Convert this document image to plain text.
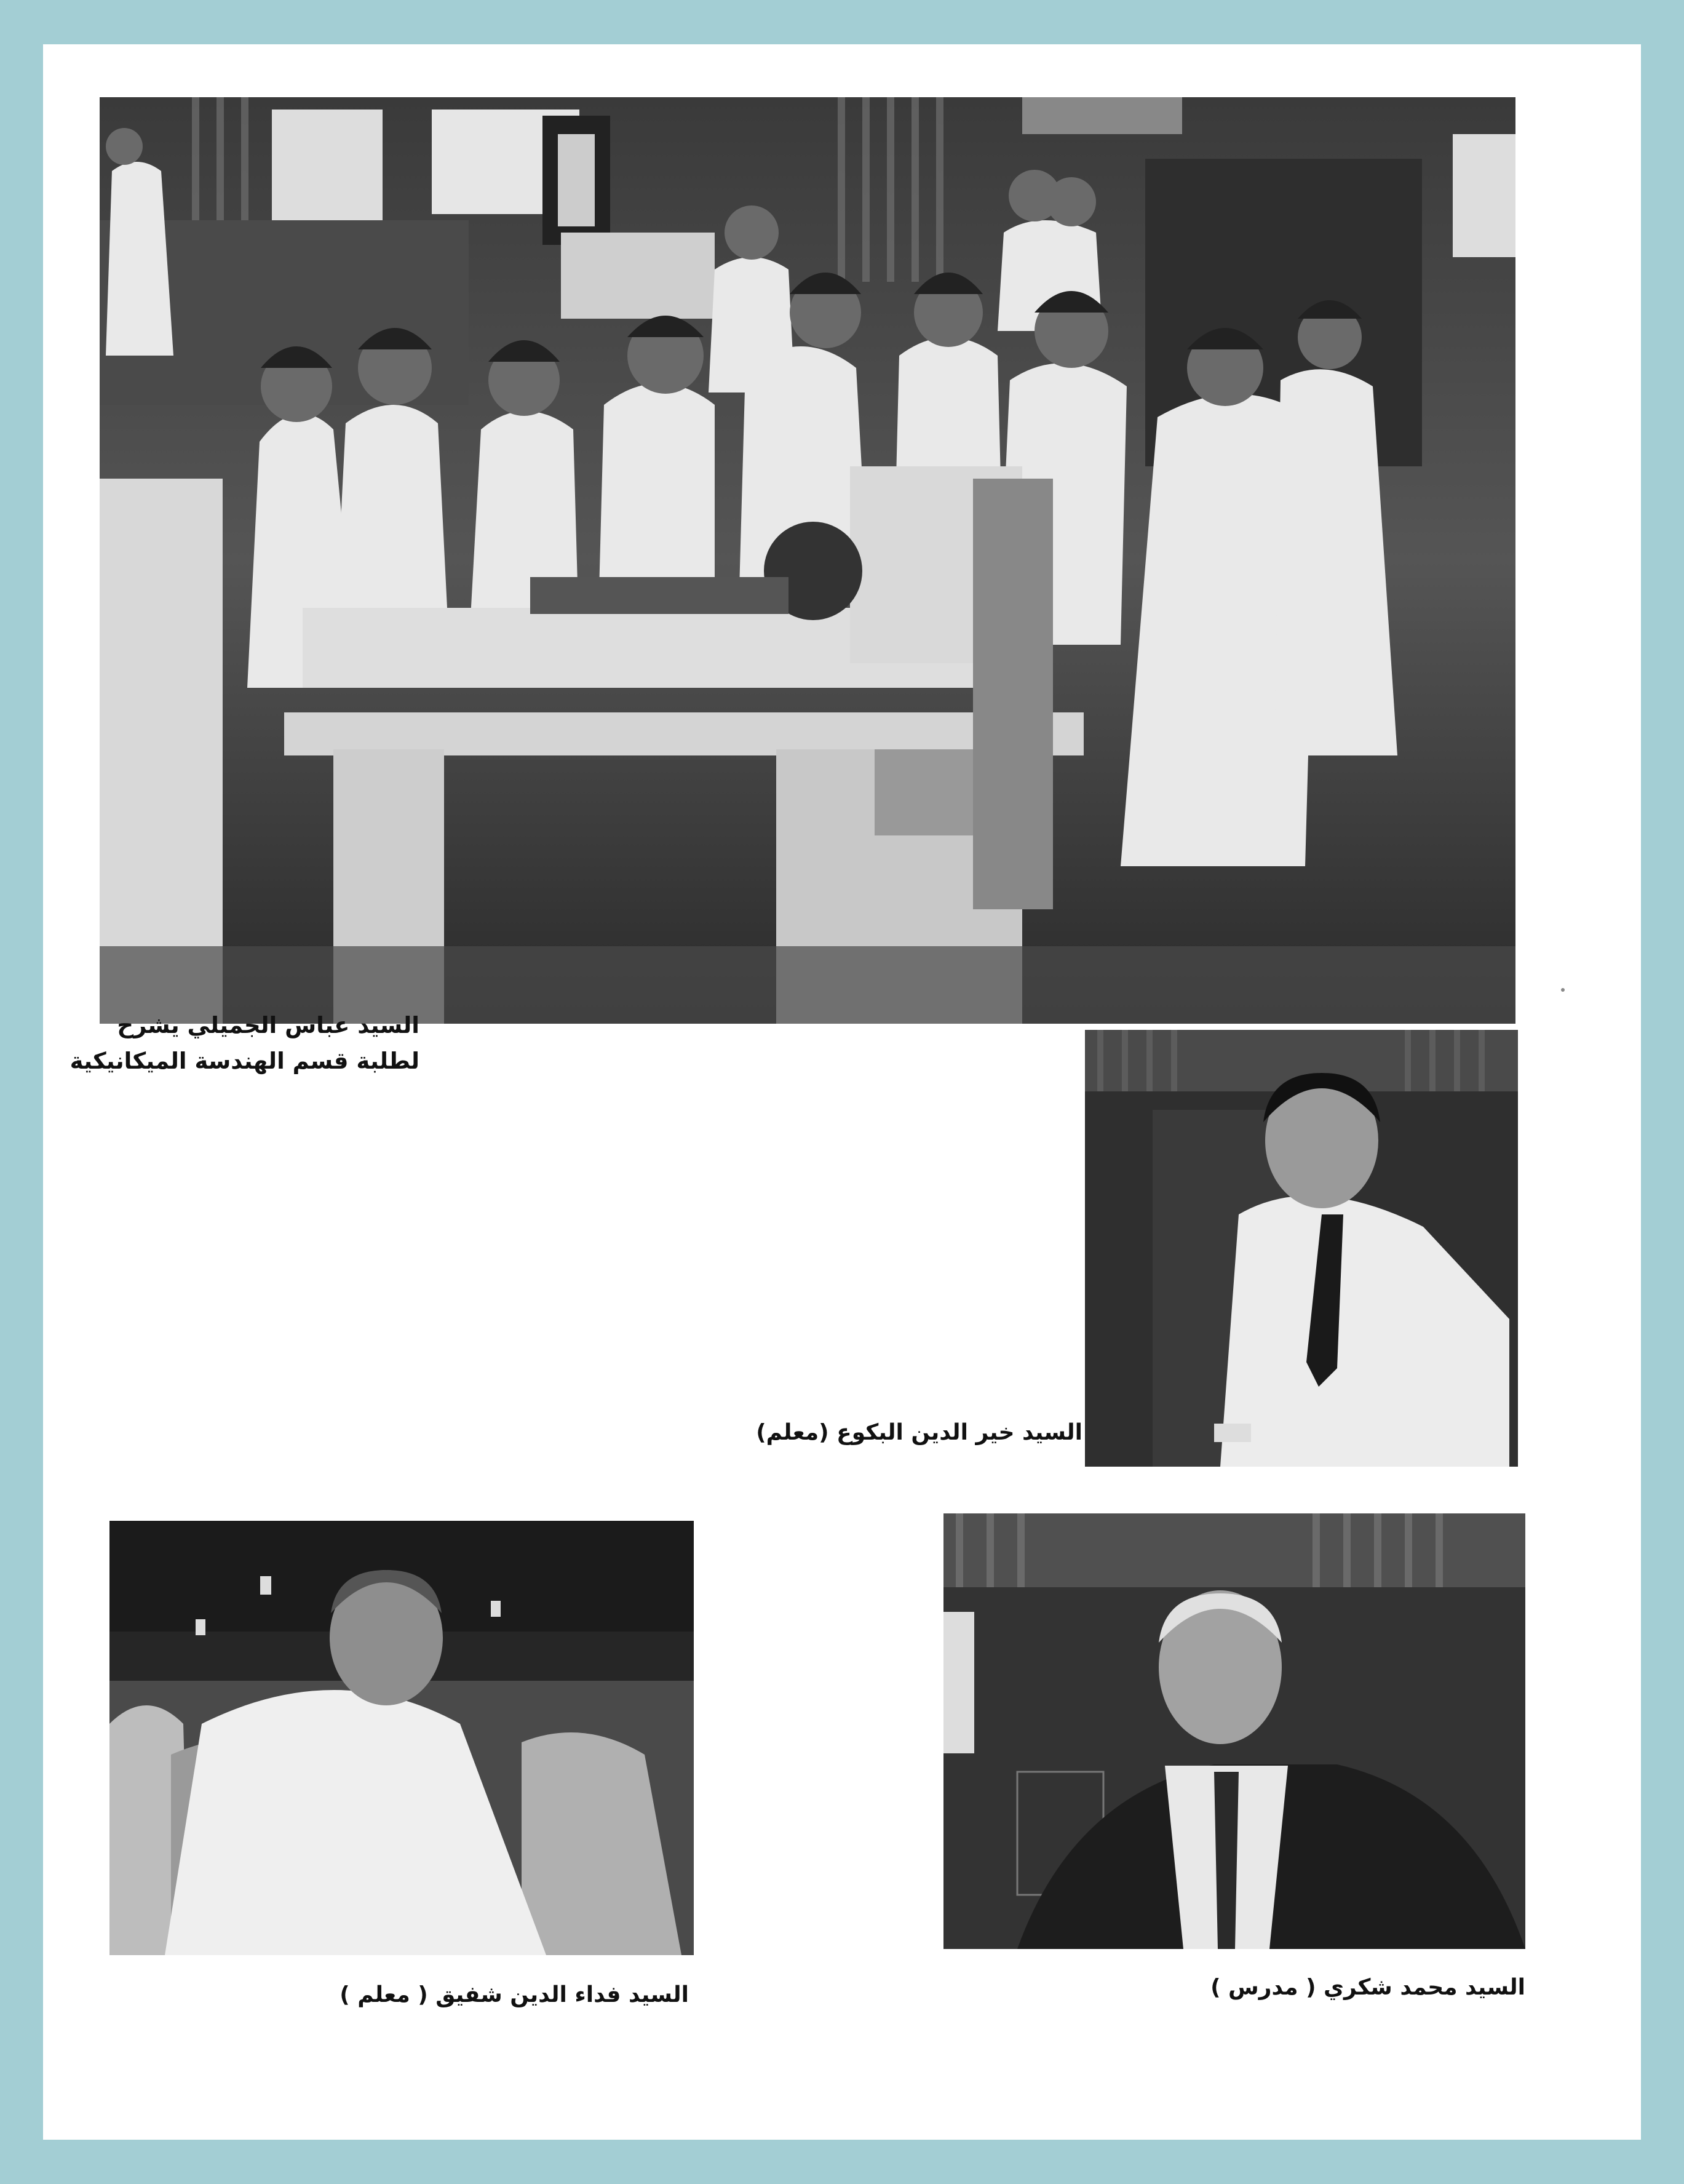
السيد عباس الجميلي يشرح
لطلبة قسم الهندسة الميكانيكية
السيد خير الدين البكوع (معلم)
السيد فداء الدين شفيق ( معلم )	السيد محمد شكري ( مدرس )
